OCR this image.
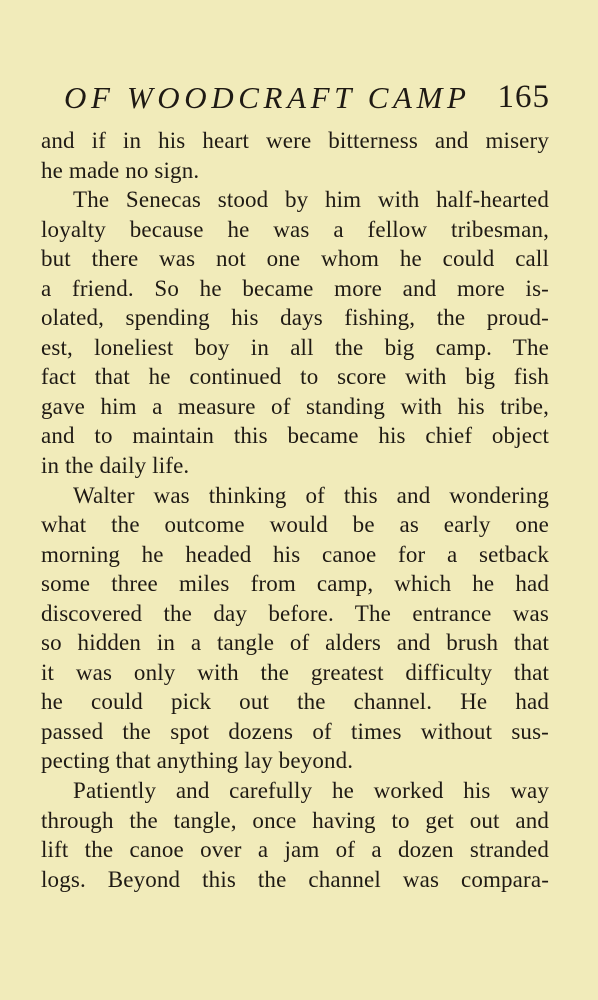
OF WOODCRAFT CAMP 165
and if in his heart were bitterness and misery
he made no sign.
The Senecas stood by him with half-hearted
loyalty because he was a fellow tribesman,
but there was not one whom he could call
a friend. So he became more and more is-
olated, spending his days fishing, the proud-
est, loneliest boy in all the big camp. The
fact that he continued to score with big fish
gave him a measure of standing with his tribe,
and to maintain this became his chief object
in the daily life.
Walter was thinking of this and wondering
what the outcome would be as early one
morning he headed his canoe for a setback
some three miles from camp, which he had
discovered the day before. The entrance was
so hidden in a tangle of alders and brush that
it was only with the greatest difficulty that
he could pick out the channel. He had
passed the spot dozens of times without sus-
pecting that anything lay beyond.
Patiently and carefully he worked his way
through the tangle, once having to get out and
lift the canoe over a jam of a dozen stranded
logs. Beyond this the channel was compara-
